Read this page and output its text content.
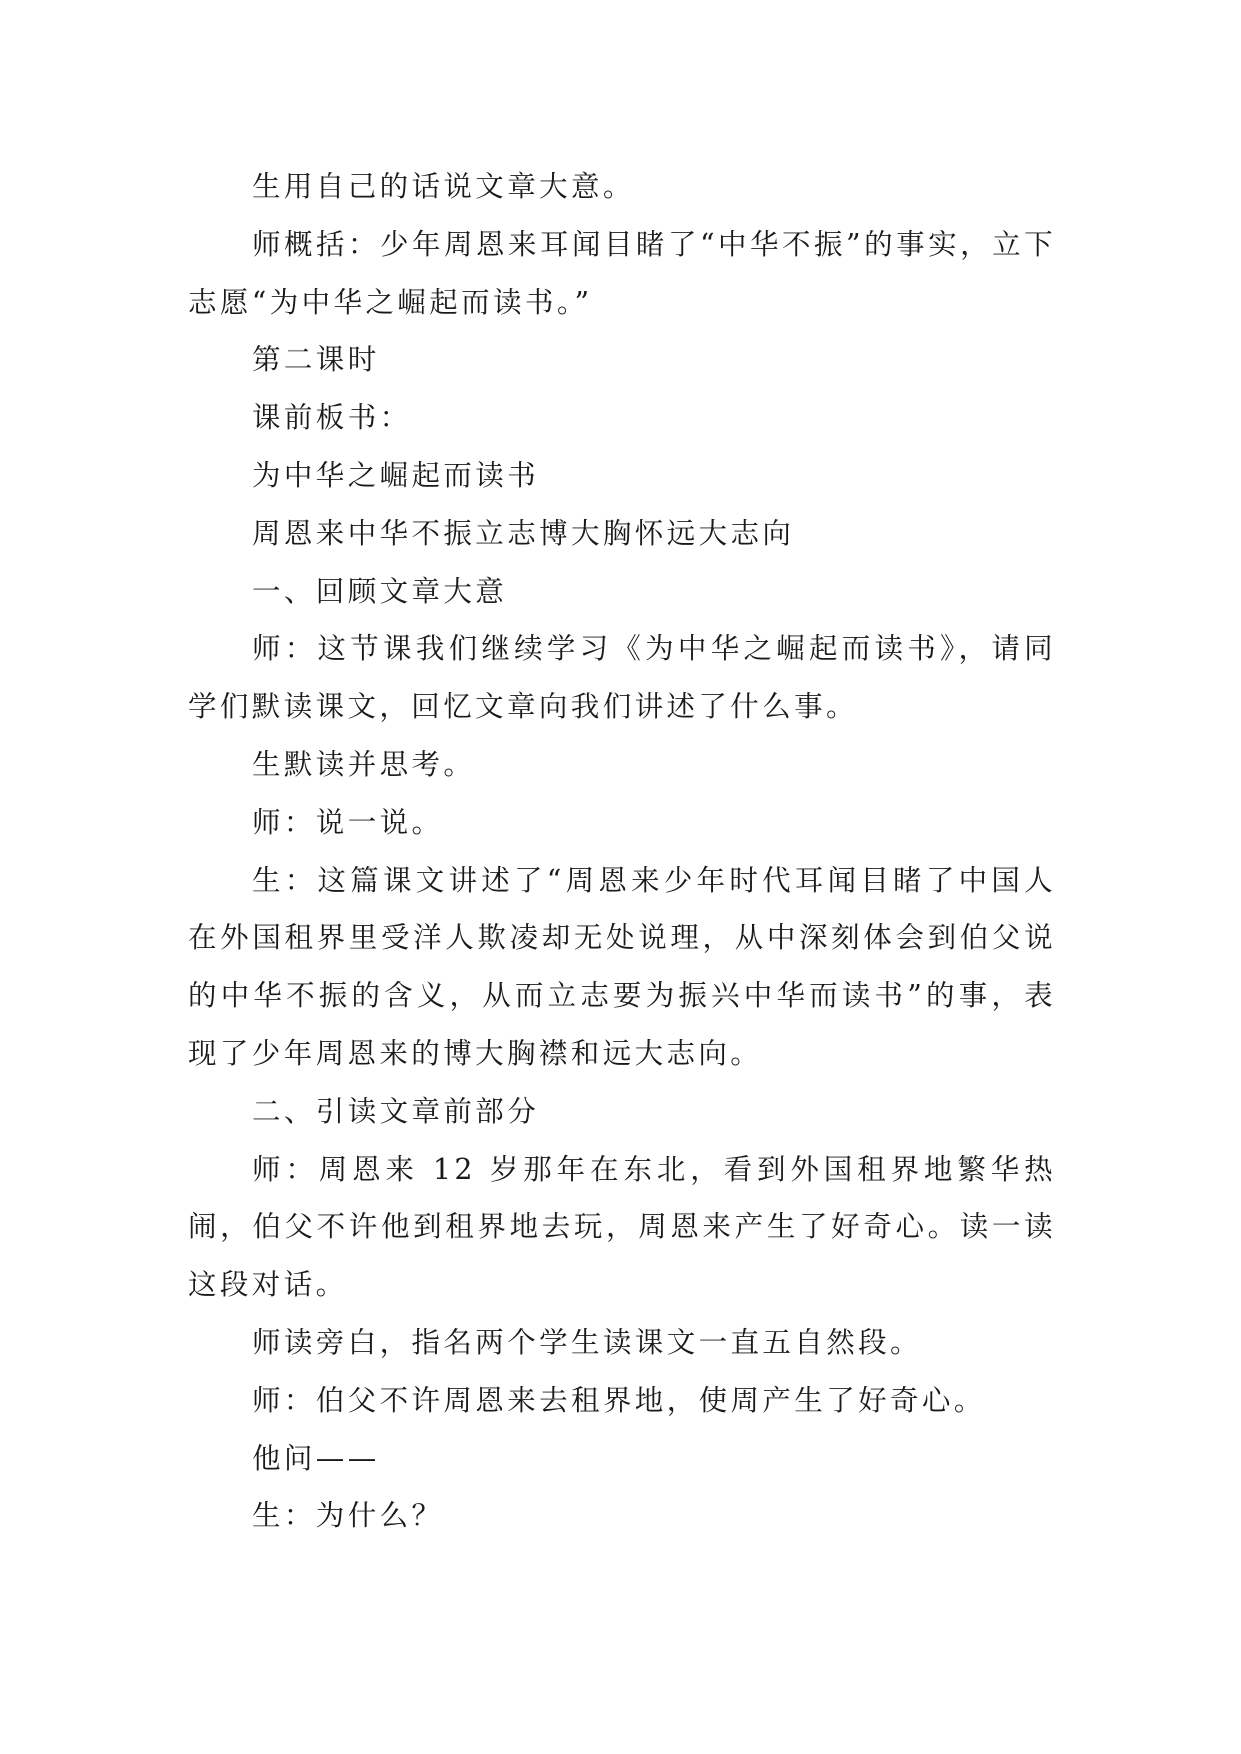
生用自己的话说文章大意。

师概括：少年周恩来耳闻目睹了“中华不振”的事实，立下志愿“为中华之崛起而读书。”

第二课时

课前板书：

为中华之崛起而读书

周恩来中华不振立志博大胸怀远大志向

一、回顾文章大意

师：这节课我们继续学习《为中华之崛起而读书》，请同学们默读课文，回忆文章向我们讲述了什么事。

生默读并思考。

师：说一说。

生：这篇课文讲述了“周恩来少年时代耳闻目睹了中国人在外国租界里受洋人欺凌却无处说理，从中深刻体会到伯父说的中华不振的含义，从而立志要为振兴中华而读书”的事，表现了少年周恩来的博大胸襟和远大志向。

二、引读文章前部分

师：周恩来 12 岁那年在东北，看到外国租界地繁华热闹，伯父不许他到租界地去玩，周恩来产生了好奇心。读一读这段对话。

师读旁白，指名两个学生读课文一直五自然段。

师：伯父不许周恩来去租界地，使周产生了好奇心。

他问——

生：为什么？
